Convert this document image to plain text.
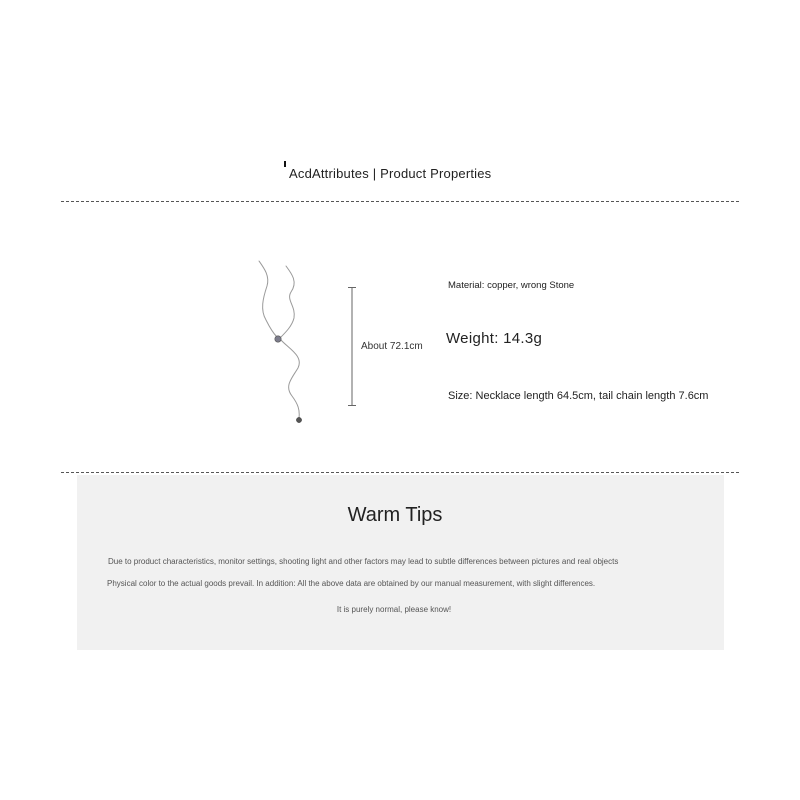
AcdAttributes | Product Properties
About 72.1cm
Material: copper, wrong Stone
Weight: 14.3g
Size: Necklace length 64.5cm, tail chain length 7.6cm
Warm Tips
Due to product characteristics, monitor settings, shooting light and other factors may lead to subtle differences between pictures and real objects
Physical color to the actual goods prevail. In addition: All the above data are obtained by our manual measurement, with slight differences.
It is purely normal, please know!
